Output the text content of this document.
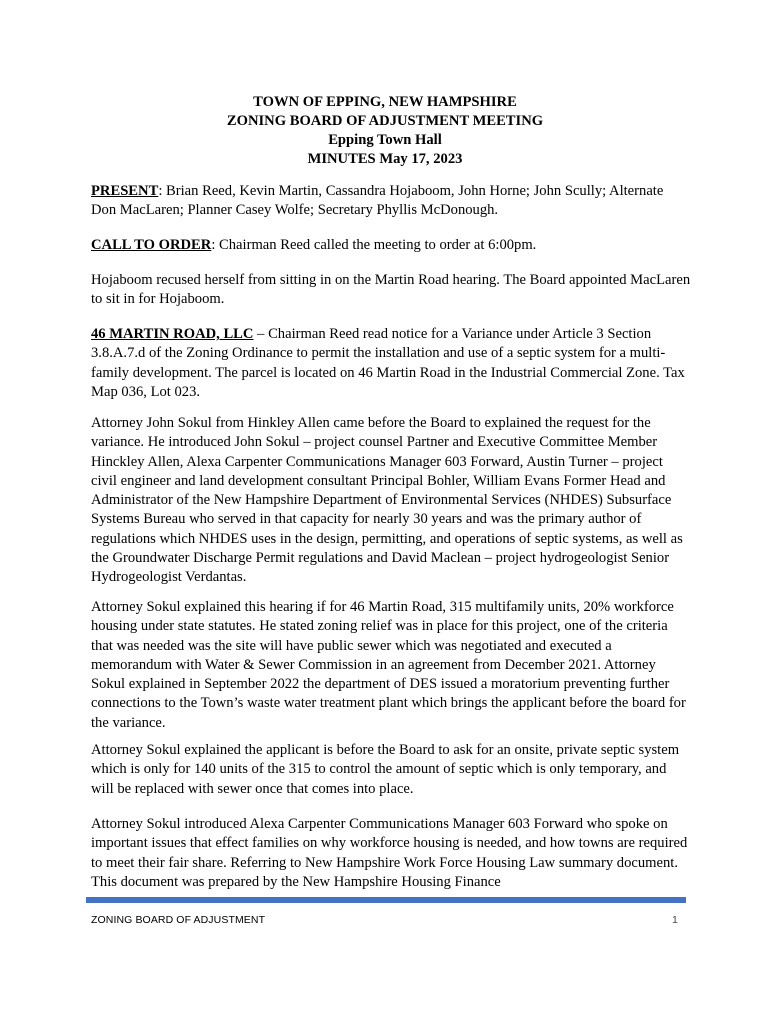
TOWN OF EPPING, NEW HAMPSHIRE
ZONING BOARD OF ADJUSTMENT MEETING
Epping Town Hall
MINUTES May 17, 2023
PRESENT: Brian Reed, Kevin Martin, Cassandra Hojaboom, John Horne; John Scully; Alternate Don MacLaren; Planner Casey Wolfe; Secretary Phyllis McDonough.
CALL TO ORDER: Chairman Reed called the meeting to order at 6:00pm.
Hojaboom recused herself from sitting in on the Martin Road hearing. The Board appointed MacLaren to sit in for Hojaboom.
46 MARTIN ROAD, LLC – Chairman Reed read notice for a Variance under Article 3 Section 3.8.A.7.d of the Zoning Ordinance to permit the installation and use of a septic system for a multi-family development. The parcel is located on 46 Martin Road in the Industrial Commercial Zone. Tax Map 036, Lot 023.
Attorney John Sokul from Hinkley Allen came before the Board to explained the request for the variance. He introduced John Sokul – project counsel Partner and Executive Committee Member Hinckley Allen, Alexa Carpenter Communications Manager 603 Forward, Austin Turner – project civil engineer and land development consultant Principal Bohler, William Evans Former Head and Administrator of the New Hampshire Department of Environmental Services (NHDES) Subsurface Systems Bureau who served in that capacity for nearly 30 years and was the primary author of regulations which NHDES uses in the design, permitting, and operations of septic systems, as well as the Groundwater Discharge Permit regulations and David Maclean – project hydrogeologist Senior Hydrogeologist Verdantas.
Attorney Sokul explained this hearing if for 46 Martin Road, 315 multifamily units, 20% workforce housing under state statutes. He stated zoning relief was in place for this project, one of the criteria that was needed was the site will have public sewer which was negotiated and executed a memorandum with Water & Sewer Commission in an agreement from December 2021. Attorney Sokul explained in September 2022 the department of DES issued a moratorium preventing further connections to the Town’s waste water treatment plant which brings the applicant before the board for the variance.
Attorney Sokul explained the applicant is before the Board to ask for an onsite, private septic system which is only for 140 units of the 315 to control the amount of septic which is only temporary, and will be replaced with sewer once that comes into place.
Attorney Sokul introduced Alexa Carpenter Communications Manager 603 Forward who spoke on important issues that effect families on why workforce housing is needed, and how towns are required to meet their fair share. Referring to New Hampshire Work Force Housing Law summary document. This document was prepared by the New Hampshire Housing Finance
ZONING BOARD OF ADJUSTMENT	1
